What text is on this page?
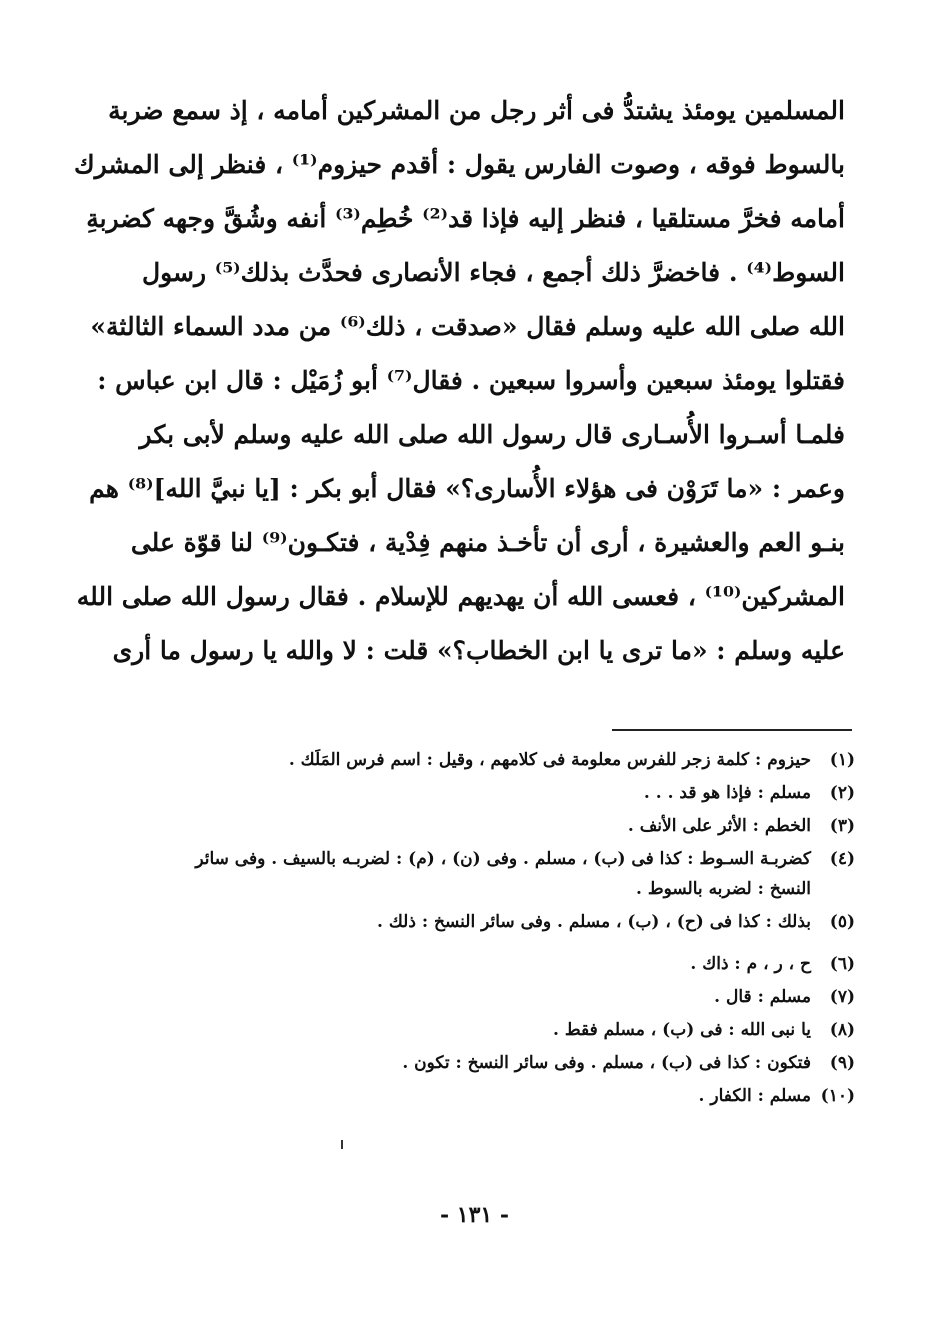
المسلمين يومئذ يشتدُّ فى أثر رجل من المشركين أمامه ، إذ سمع ضربة
بالسوط فوقه ، وصوت الفارس يقول : أقدم حيزوم⁽¹⁾ ، فنظر إلى المشرك
أمامه فخرَّ مستلقيا ، فنظر إليه فإذا قد⁽²⁾ خُطِم⁽³⁾ أنفه وشُقَّ وجهه كضربةِ
السوط⁽⁴⁾ . فاخضرَّ ذلك أجمع ، فجاء الأنصارى فحدَّث بذلك⁽⁵⁾ رسول
الله صلى الله عليه وسلم فقال «صدقت ، ذلك⁽⁶⁾ من مدد السماء الثالثة»
فقتلوا يومئذ سبعين وأسروا سبعين . فقال⁽⁷⁾ أبو زُمَيْل : قال ابن عباس :
فلمـا أسـروا الأُسـارى قال رسول الله صلى الله عليه وسلم لأبى بكر
وعمر : «ما تَرَوْن فى هؤلاء الأُسارى؟» فقال أبو بكر : [يا نبيَّ الله]⁽⁸⁾ هم
بنـو العم والعشيرة ، أرى أن تأخـذ منهم فِدْية ، فتكـون⁽⁹⁾ لنا قوّة على
المشركين⁽¹⁰⁾ ، فعسى الله أن يهديهم للإسلام . فقال رسول الله صلى الله
عليه وسلم : «ما ترى يا ابن الخطاب؟» قلت : لا والله يا رسول ما أرى
(١)
حيزوم : كلمة زجر للفرس معلومة فى كلامهم ، وقيل : اسم فرس المَلَك .
(٢)
مسلم : فإذا هو قد . . .
(٣)
الخطم : الأثر على الأنف .
(٤)
كضربـة السـوط : كذا فى (ب) ، مسلم . وفى (ن) ، (م) : لضربـه بالسيف . وفى سائر
النسخ : لضربه بالسوط .
(٥)
بذلك : كذا فى (ح) ، (ب) ، مسلم . وفى سائر النسخ : ذلك .
(٦)
ح ، ر ، م : ذاك .
(٧)
مسلم : قال .
(٨)
يا نبى الله : فى (ب) ، مسلم فقط .
(٩)
فتكون : كذا فى (ب) ، مسلم . وفى سائر النسخ : تكون .
(١٠)
مسلم : الكفار .
- ١٣١ -
